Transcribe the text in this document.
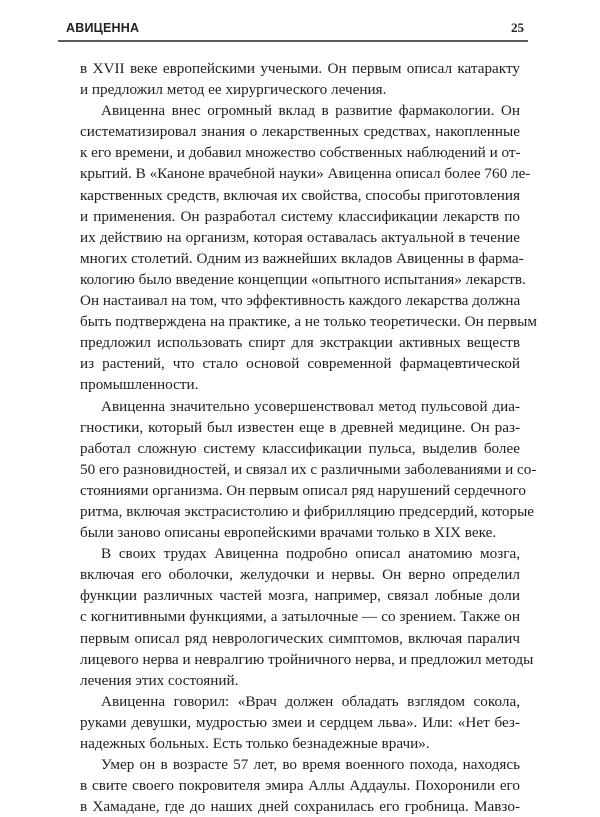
АВИЦЕННА	25

в XVII веке европейскими учеными. Он первым описал катаракту
и предложил метод ее хирургического лечения.

Авиценна внес огромный вклад в развитие фармакологии. Он
систематизировал знания о лекарственных средствах, накопленные
к его времени, и добавил множество собственных наблюдений и от-
крытий. В «Каноне врачебной науки» Авиценна описал более 760 ле-
карственных средств, включая их свойства, способы приготовления
и применения. Он разработал систему классификации лекарств по
их действию на организм, которая оставалась актуальной в течение
многих столетий. Одним из важнейших вкладов Авиценны в фарма-
кологию было введение концепции «опытного испытания» лекарств.
Он настаивал на том, что эффективность каждого лекарства должна
быть подтверждена на практике, а не только теоретически. Он первым
предложил использовать спирт для экстракции активных веществ
из растений, что стало основой современной фармацевтической
промышленности.

Авиценна значительно усовершенствовал метод пульсовой диа-
гностики, который был известен еще в древней медицине. Он раз-
работал сложную систему классификации пульса, выделив более
50 его разновидностей, и связал их с различными заболеваниями и со-
стояниями организма. Он первым описал ряд нарушений сердечного
ритма, включая экстрасистолию и фибрилляцию предсердий, которые
были заново описаны европейскими врачами только в XIX веке.

В своих трудах Авиценна подробно описал анатомию мозга,
включая его оболочки, желудочки и нервы. Он верно определил
функции различных частей мозга, например, связал лобные доли
с когнитивными функциями, а затылочные — со зрением. Также он
первым описал ряд неврологических симптомов, включая паралич
лицевого нерва и невралгию тройничного нерва, и предложил методы
лечения этих состояний.

Авиценна говорил: «Врач должен обладать взглядом сокола,
руками девушки, мудростью змеи и сердцем льва». Или: «Нет без-
надежных больных. Есть только безнадежные врачи».

Умер он в возрасте 57 лет, во время военного похода, находясь
в свите своего покровителя эмира Аллы Аддаулы. Похоронили его
в Хамадане, где до наших дней сохранилась его гробница. Мавзо-
